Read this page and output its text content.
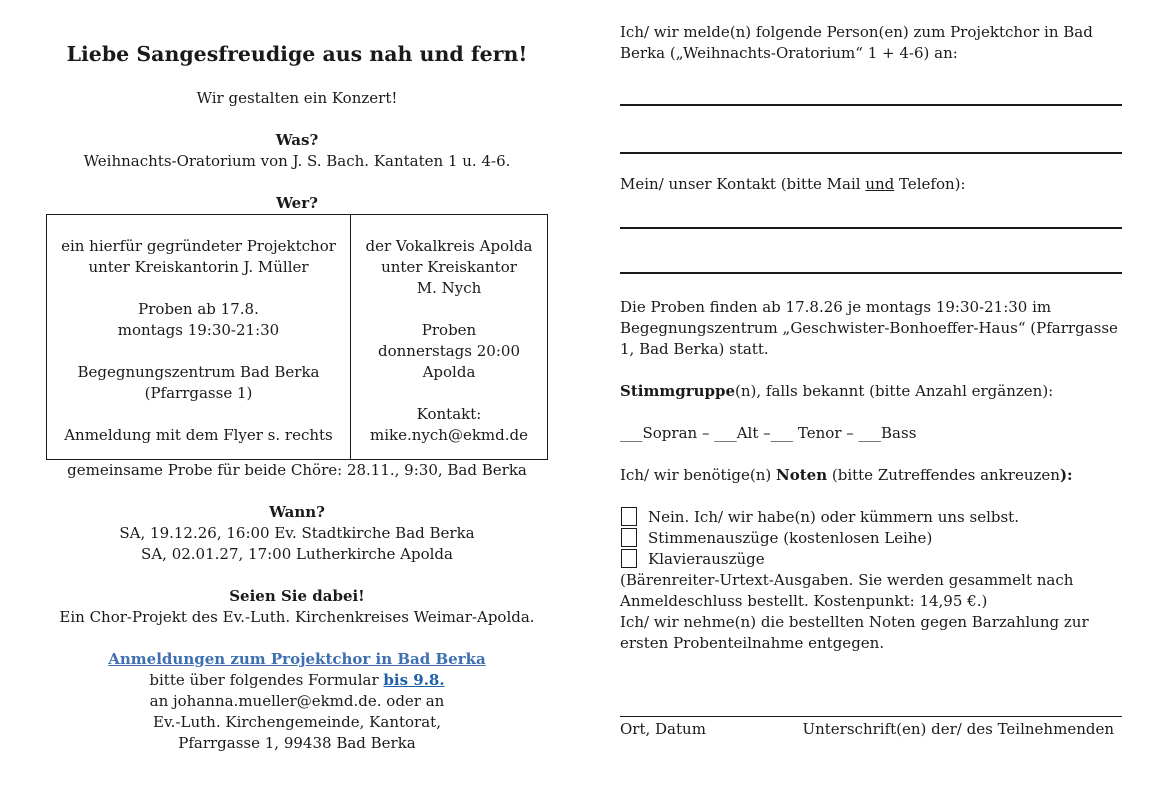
Liebe Sangesfreudige aus nah und fern!

Wir gestalten ein Konzert!

Was?

Weihnachts-Oratorium von J. S. Bach. Kantaten 1 u. 4-6.

Wer?

ein hierfür gegründeter Projektchor

unter Kreiskantorin J. Müller

Proben ab 17.8.

montags 19:30-21:30

Begegnungszentrum Bad Berka

(Pfarrgasse 1)

Anmeldung mit dem Flyer s. rechts

der Vokalkreis Apolda

unter Kreiskantor

M. Nych

Proben

donnerstags 20:00

Apolda

Kontakt:

mike.nych@ekmd.de

gemeinsame Probe für beide Chöre: 28.11., 9:30, Bad Berka

Wann?

SA, 19.12.26, 16:00 Ev. Stadtkirche Bad Berka

SA, 02.01.27, 17:00 Lutherkirche Apolda

Seien Sie dabei!

Ein Chor-Projekt des Ev.-Luth. Kirchenkreises Weimar-Apolda.

Anmeldungen zum Projektchor in Bad Berka

bitte über folgendes Formular bis 9.8.

an johanna.mueller@ekmd.de. oder an

Ev.-Luth. Kirchengemeinde, Kantorat,

Pfarrgasse 1, 99438 Bad Berka

Ich/ wir melde(n) folgende Person(en) zum Projektchor in Bad

Berka („Weihnachts-Oratorium“ 1 + 4-6) an:

Mein/ unser Kontakt (bitte Mail und Telefon):

Die Proben finden ab 17.8.26 je montags 19:30-21:30 im

Begegnungszentrum „Geschwister-Bonhoeffer-Haus“ (Pfarrgasse

1, Bad Berka) statt.

Stimmgruppe(n), falls bekannt (bitte Anzahl ergänzen):

___Sopran – ___Alt –___ Tenor – ___Bass

Ich/ wir benötige(n) Noten (bitte Zutreffendes ankreuzen):

Nein. Ich/ wir habe(n) oder kümmern uns selbst.
Stimmenauszüge (kostenlosen Leihe)
Klavierauszüge

(Bärenreiter-Urtext-Ausgaben. Sie werden gesammelt nach

Anmeldeschluss bestellt. Kostenpunkt: 14,95 €.)

Ich/ wir nehme(n) die bestellten Noten gegen Barzahlung zur

ersten Probenteilnahme entgegen.

Ort, Datum	Unterschrift(en) der/ des Teilnehmenden
